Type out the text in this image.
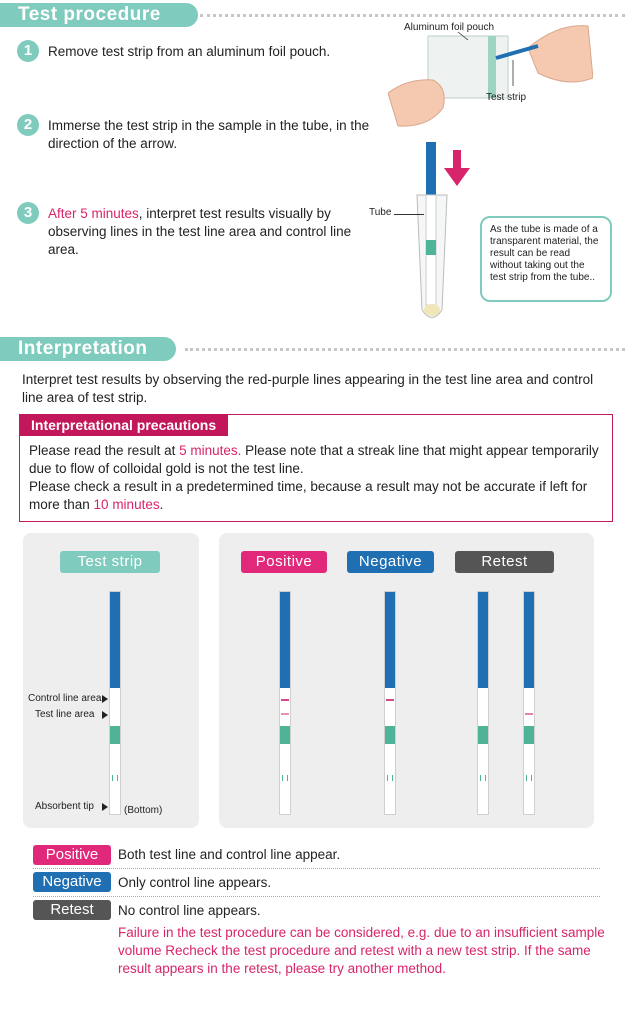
Test procedure
1	Remove test strip from an aluminum foil pouch.
2	Immerse the test strip in the sample in the tube, in the direction of the arrow.
3	After 5 minutes, interpret test results visually by observing lines in the test line area and control line area.
Aluminum foil pouch
Test strip
Tube
As the tube is made of a transparent material, the result can be read without taking out the test strip from the tube..
Interpretation
Interpret test results by observing the red-purple lines appearing in the test line area and control line area of test strip.
Interpretational precautions
Please read the result at 5 minutes. Please note that a streak line that might appear temporarily due to flow of colloidal gold is not the test line.
Please check a result in a predetermined time, because a result may not be accurate if left for more than 10 minutes.
Test strip
Control line area
Test line area
Absorbent tip	(Bottom)
Positive	Negative	Retest
Positive	Both test line and control line appear.
Negative	Only control line appears.
Retest	No control line appears.
Failure in the test procedure can be considered, e.g. due to an insufficient sample volume Recheck the test procedure and retest with a new test strip. If the same result appears in the retest, please try another method.
